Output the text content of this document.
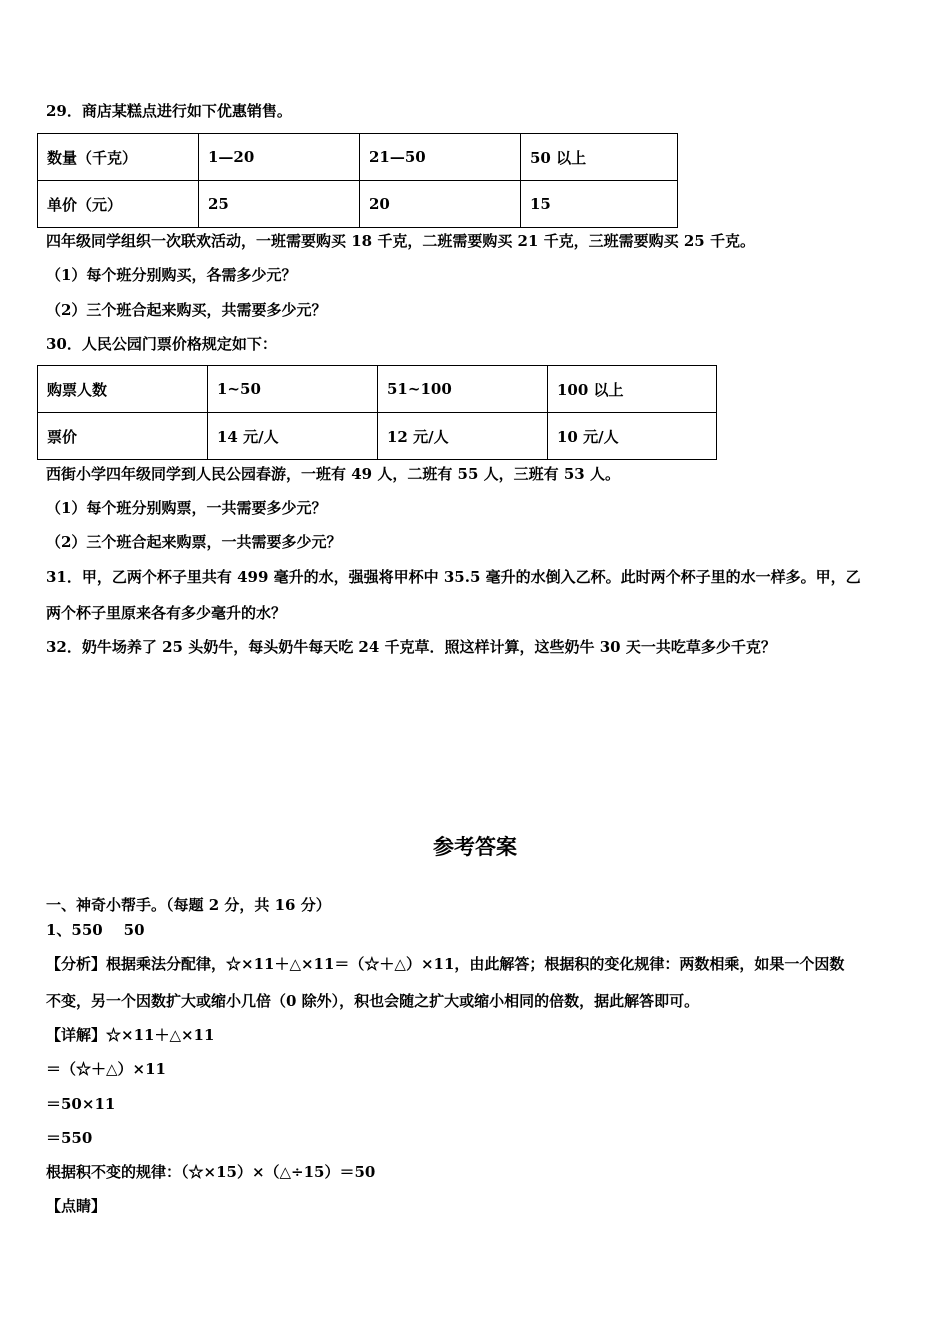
29．商店某糕点进行如下优惠销售。
数量（千克）	1—20	21—50	50 以上
单价（元）	25	20	15
四年级同学组织一次联欢活动，一班需要购买 18 千克，二班需要购买 21 千克，三班需要购买 25 千克。
（1）每个班分别购买，各需多少元？
（2）三个班合起来购买，共需要多少元？
30．人民公园门票价格规定如下：
购票人数	1~50	51~100	100 以上
票价	14 元/人	12 元/人	10 元/人
西街小学四年级同学到人民公园春游，一班有 49 人，二班有 55 人，三班有 53 人。
（1）每个班分别购票，一共需要多少元？
（2）三个班合起来购票，一共需要多少元？
31．甲，乙两个杯子里共有 499 毫升的水，强强将甲杯中 35.5 毫升的水倒入乙杯。此时两个杯子里的水一样多。甲，乙
两个杯子里原来各有多少毫升的水？
32．奶牛场养了 25 头奶牛，每头奶牛每天吃 24 千克草．照这样计算，这些奶牛 30 天一共吃草多少千克？
参考答案
一、神奇小帮手。（每题 2 分，共 16 分）
1、550    50
【分析】根据乘法分配律，☆×11＋△×11＝（☆＋△）×11，由此解答；根据积的变化规律：两数相乘，如果一个因数
不变，另一个因数扩大或缩小几倍（0 除外），积也会随之扩大或缩小相同的倍数，据此解答即可。
【详解】☆×11＋△×11
＝（☆＋△）×11
＝50×11
＝550
根据积不变的规律：（☆×15）×（△÷15）＝50
【点睛】
